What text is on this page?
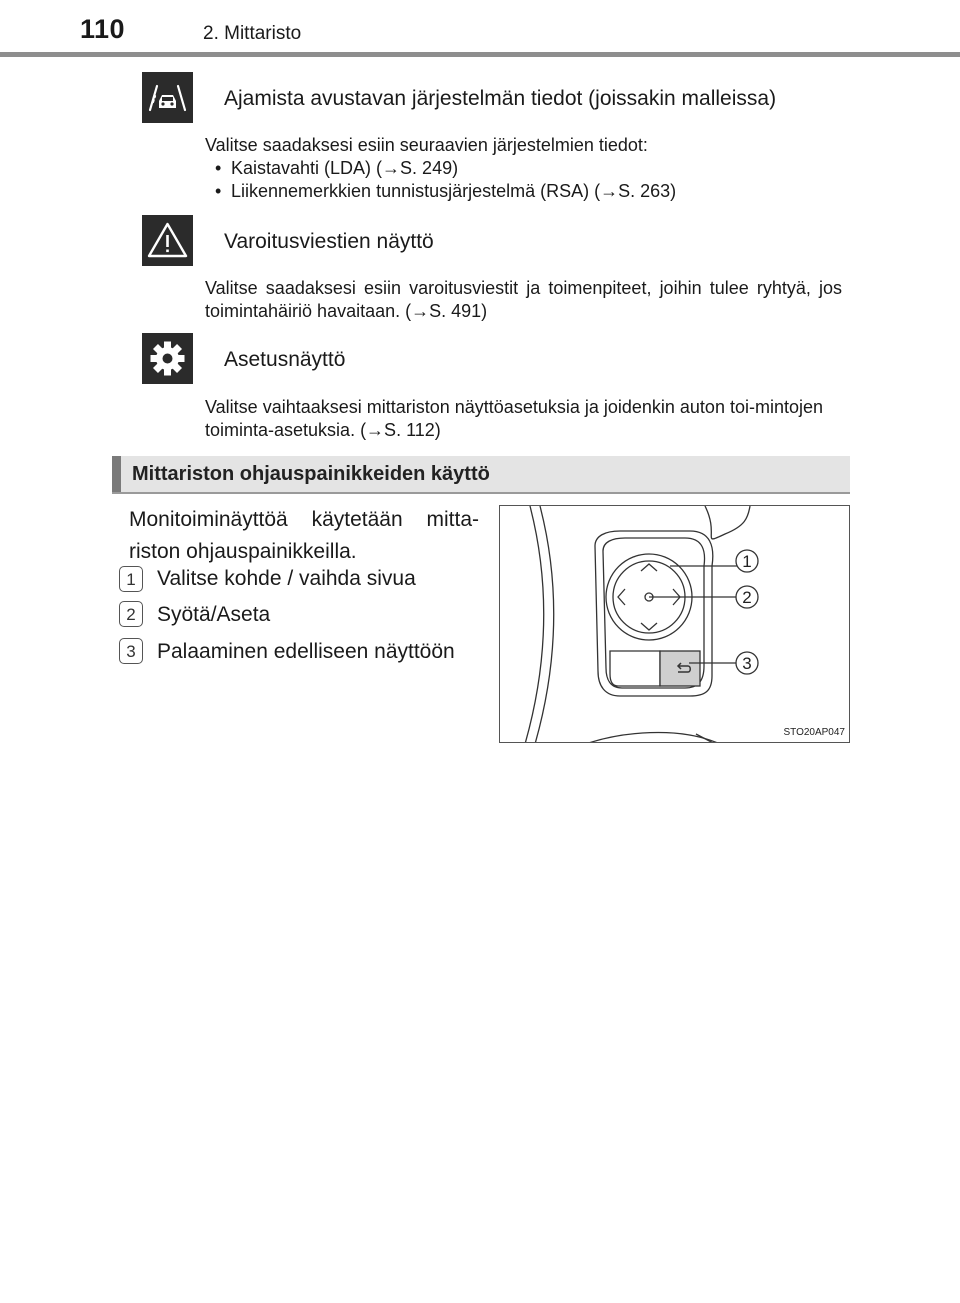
110	2. Mittaristo
Ajamista avustavan järjestelmän tiedot (joissakin malleissa)
Valitse saadaksesi esiin seuraavien järjestelmien tiedot:
• Kaistavahti (LDA) (→S. 249)
• Liikennemerkkien tunnistusjärjestelmä (RSA) (→S. 263)
Varoitusviestien näyttö
Valitse saadaksesi esiin varoitusviestit ja toimenpiteet, joihin tulee ryhtyä, jos toimintahäiriö havaitaan. (→S. 491)
Asetusnäyttö
Valitse vaihtaaksesi mittariston näyttöasetuksia ja joidenkin auton toi-mintojen toiminta-asetuksia. (→S. 112)
Mittariston ohjauspainikkeiden käyttö
Monitoiminäyttöä käytetään mitta-riston ohjauspainikkeilla.
1	Valitse kohde / vaihda sivua
2	Syötä/Aseta
3	Palaaminen edelliseen näyttöön
1
2
3
STO20AP047
